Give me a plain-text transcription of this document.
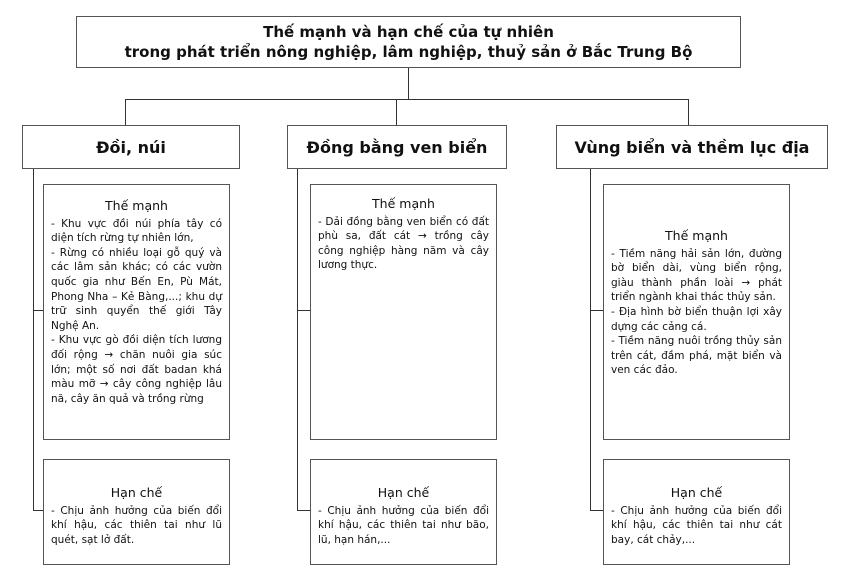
Thế mạnh và hạn chế của tự nhiên
trong phát triển nông nghiệp, lâm nghiệp, thuỷ sản ở Bắc Trung Bộ
Đồi, núi	Đồng bằng ven biển	Vùng biển và thềm lục địa
Thế mạnh

- Khu vực đồi núi phía tây có diện tích rừng tự nhiên lớn,

- Rừng có nhiều loại gỗ quý và các lâm sản khác; có các vườn quốc gia như Bến En, Pù Mát, Phong Nha – Kẻ Bàng,...; khu dự trữ sinh quyển thế giới Tây Nghệ An.

- Khu vực gò đồi diện tích lương đối rộng → chăn nuôi gia súc lớn; một số nơi đất badan khá màu mỡ → cây công nghiệp lâu nă, cây ăn quả và trồng rừng

Hạn chế

- Chịu ảnh hưởng của biến đổi khí hậu, các thiên tai như lũ quét, sạt lở đất.

Thế mạnh

- Dải đồng bằng ven biển có đất phù sa, đất cát → trồng cây công nghiệp hàng năm và cây lương thực.

Hạn chế

- Chịu ảnh hưởng của biến đổi khí hậu, các thiên tai như bão, lũ, hạn hán,...

Thế mạnh

- Tiềm năng hải sản lớn, đường bờ biển dài, vùng biển rộng, giàu thành phần loài → phát triển ngành khai thác thủy sản.

- Địa hình bờ biển thuận lợi xây dựng các cảng cá.

- Tiềm năng nuôi trồng thủy sản trên cát, đầm phá, mặt biển và ven các đảo.

Hạn chế

- Chịu ảnh hưởng của biến đổi khí hậu, các thiên tai như cát bay, cát chảy,...
